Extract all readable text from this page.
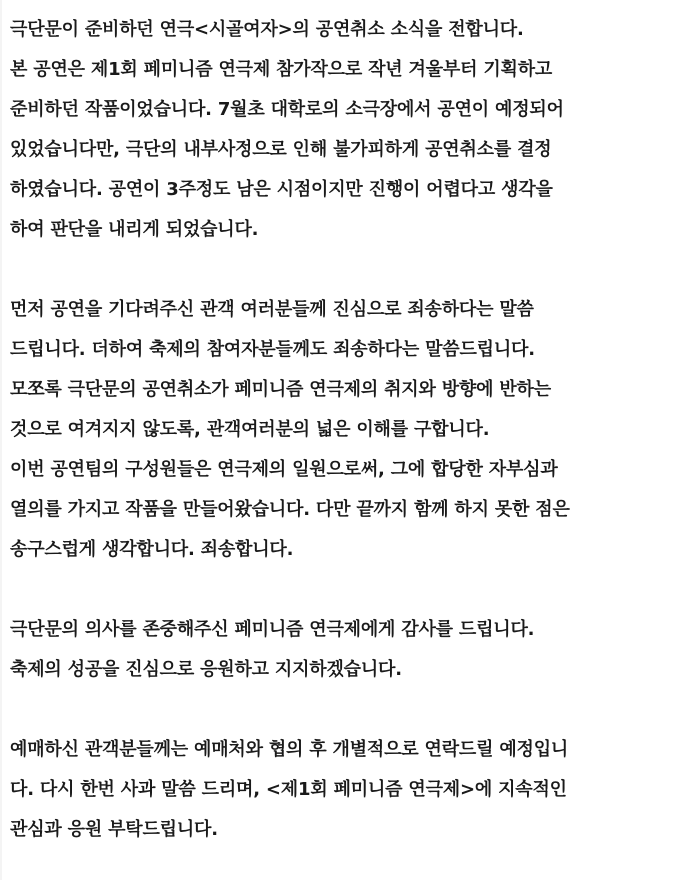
극단문이 준비하던 연극<시골여자>의 공연취소 소식을 전합니다.
본 공연은 제1회 페미니즘 연극제 참가작으로 작년 겨울부터 기획하고
준비하던 작품이었습니다. 7월초 대학로의 소극장에서 공연이 예정되어
있었습니다만, 극단의 내부사정으로 인해 불가피하게 공연취소를 결정
하였습니다. 공연이 3주정도 남은 시점이지만 진행이 어렵다고 생각을
하여 판단을 내리게 되었습니다.
먼저 공연을 기다려주신 관객 여러분들께 진심으로 죄송하다는 말씀
드립니다. 더하여 축제의 참여자분들께도 죄송하다는 말씀드립니다.
모쪼록 극단문의 공연취소가 페미니즘 연극제의 취지와 방향에 반하는
것으로 여겨지지 않도록, 관객여러분의 넓은 이해를 구합니다.
이번 공연팀의 구성원들은 연극제의 일원으로써, 그에 합당한 자부심과
열의를 가지고 작품을 만들어왔습니다. 다만 끝까지 함께 하지 못한 점은
송구스럽게 생각합니다. 죄송합니다.
극단문의 의사를 존중해주신 페미니즘 연극제에게 감사를 드립니다.
축제의 성공을 진심으로 응원하고 지지하겠습니다.
예매하신 관객분들께는 예매처와 협의 후 개별적으로 연락드릴 예정입니
다. 다시 한번 사과 말씀 드리며, <제1회 페미니즘 연극제>에 지속적인
관심과 응원 부탁드립니다.
